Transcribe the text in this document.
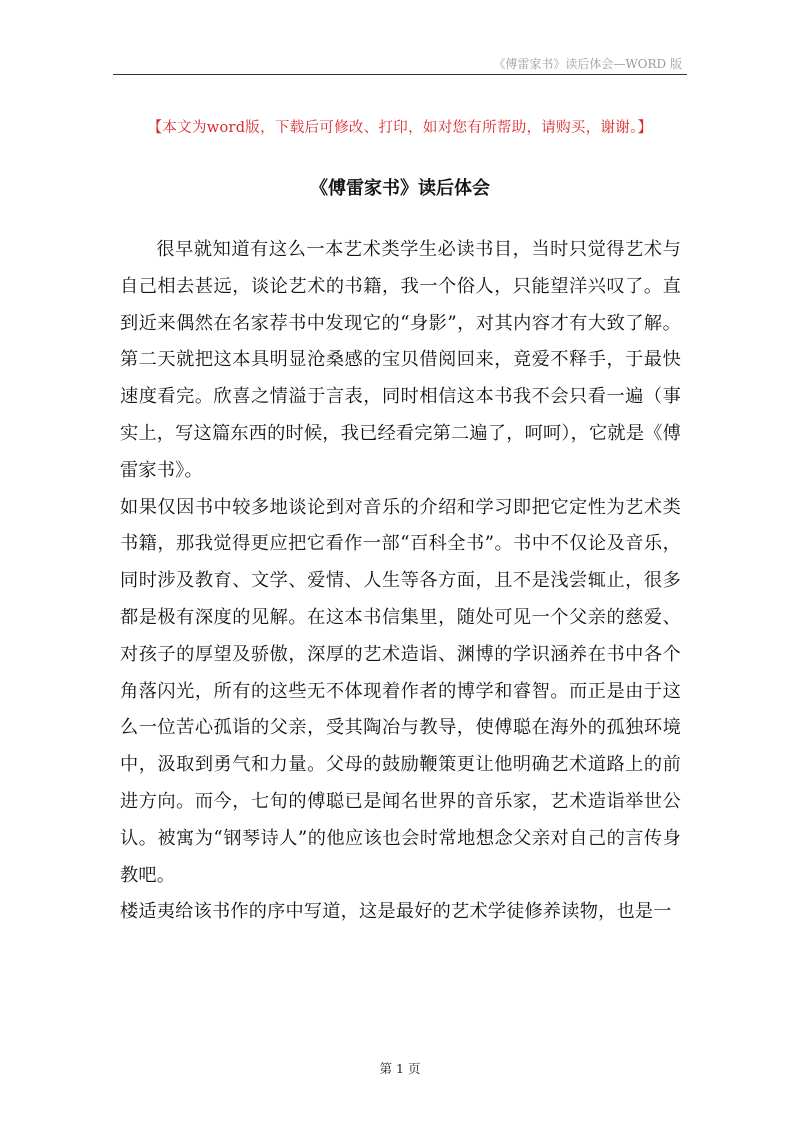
《傅雷家书》读后体会—WORD 版
【本文为word版，下载后可修改、打印，如对您有所帮助，请购买，谢谢。】
《傅雷家书》读后体会

很早就知道有这么一本艺术类学生必读书目，当时只觉得艺术与自己相去甚远，谈论艺术的书籍，我一个俗人，只能望洋兴叹了。直到近来偶然在名家荐书中发现它的“身影”，对其内容才有大致了解。第二天就把这本具明显沧桑感的宝贝借阅回来，竟爱不释手，于最快速度看完。欣喜之情溢于言表，同时相信这本书我不会只看一遍（事实上，写这篇东西的时候，我已经看完第二遍了，呵呵），它就是《傅雷家书》。

如果仅因书中较多地谈论到对音乐的介绍和学习即把它定性为艺术类书籍，那我觉得更应把它看作一部“百科全书”。书中不仅论及音乐，同时涉及教育、文学、爱情、人生等各方面，且不是浅尝辄止，很多都是极有深度的见解。在这本书信集里，随处可见一个父亲的慈爱、对孩子的厚望及骄傲，深厚的艺术造诣、渊博的学识涵养在书中各个角落闪光，所有的这些无不体现着作者的博学和睿智。而正是由于这么一位苦心孤诣的父亲，受其陶冶与教导，使傅聪在海外的孤独环境中，汲取到勇气和力量。父母的鼓励鞭策更让他明确艺术道路上的前进方向。而今，七旬的傅聪已是闻名世界的音乐家，艺术造诣举世公认。被寓为“钢琴诗人”的他应该也会时常地想念父亲对自己的言传身教吧。

楼适夷给该书作的序中写道，这是最好的艺术学徒修养读物，也是一

第 1 页
